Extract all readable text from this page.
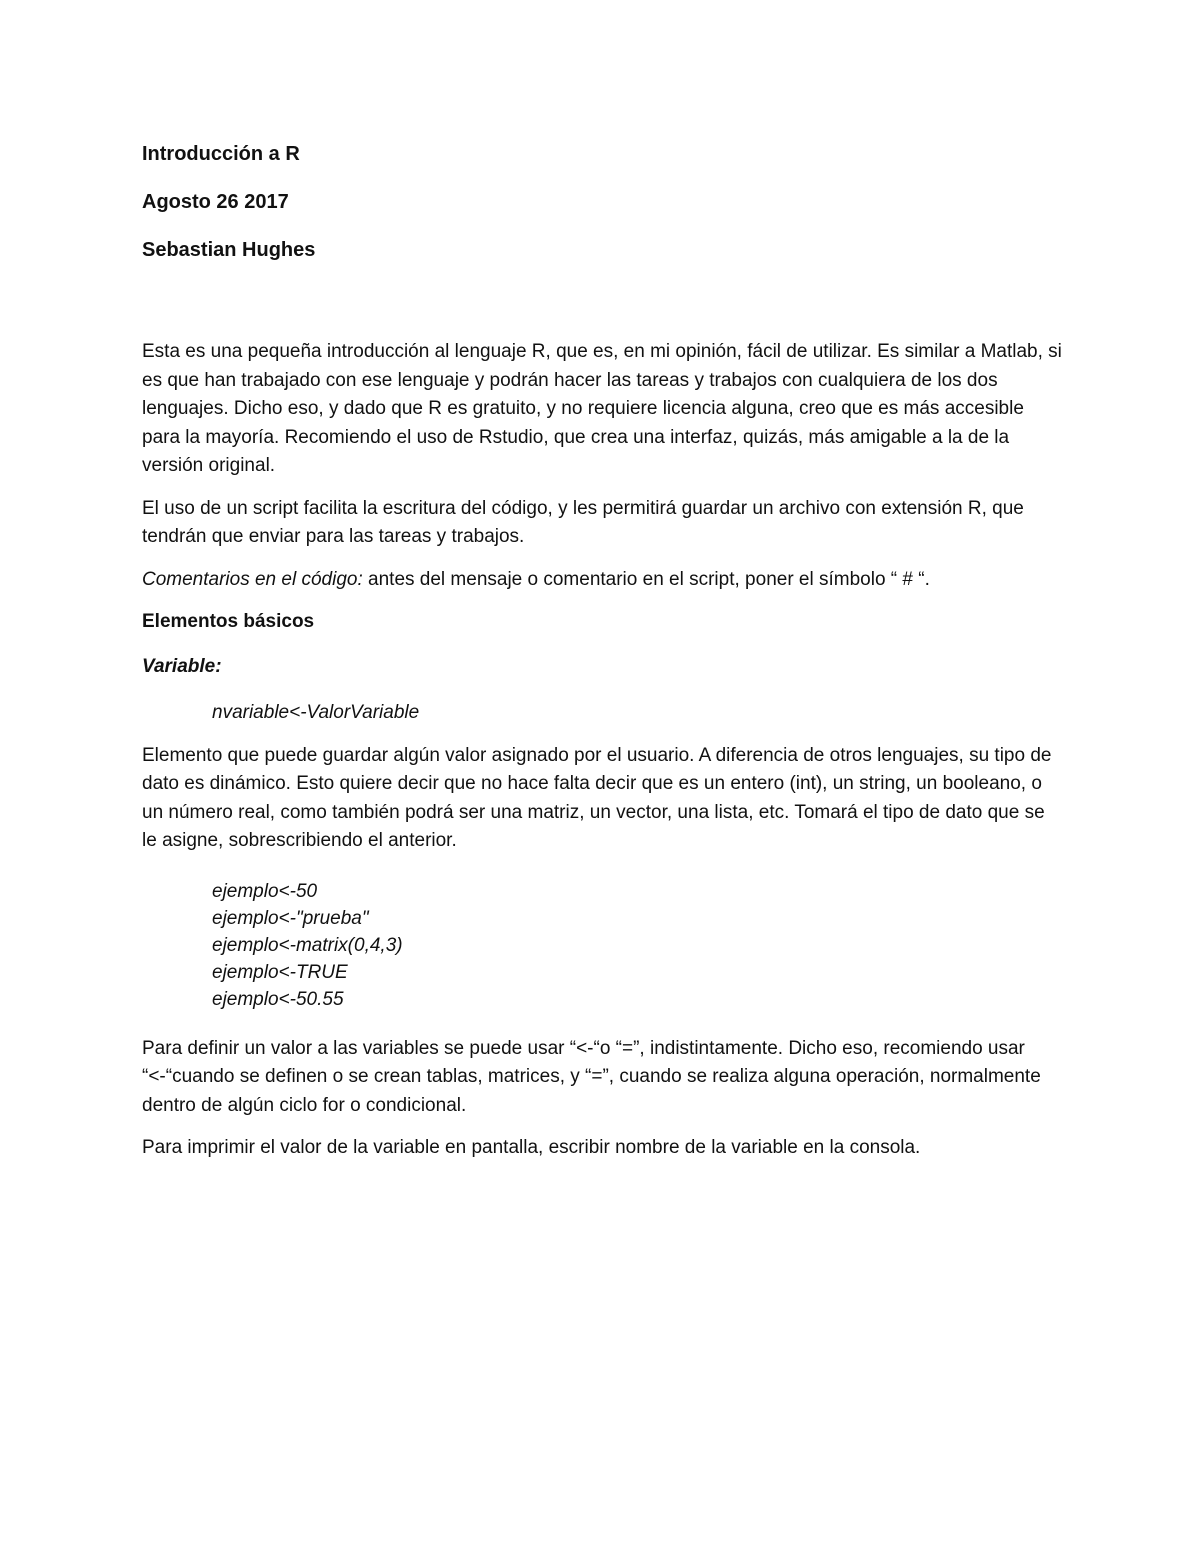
Introducción a R
Agosto 26 2017
Sebastian Hughes

Esta es una pequeña introducción al lenguaje R, que es, en mi opinión, fácil de utilizar. Es similar a Matlab, si es que han trabajado con ese lenguaje y podrán hacer las tareas y trabajos con cualquiera de los dos lenguajes. Dicho eso, y dado que R es gratuito, y no requiere licencia alguna, creo que es más accesible para la mayoría. Recomiendo el uso de Rstudio, que crea una interfaz, quizás, más amigable a la de la versión original.

El uso de un script facilita la escritura del código, y les permitirá guardar un archivo con extensión R, que tendrán que enviar para las tareas y trabajos.

Comentarios en el código: antes del mensaje o comentario en el script, poner el símbolo “ # “.

Elementos básicos

Variable:

nvariable<-ValorVariable

Elemento que puede guardar algún valor asignado por el usuario. A diferencia de otros lenguajes, su tipo de dato es dinámico. Esto quiere decir que no hace falta decir que es un entero (int), un string, un booleano, o un número real, como también podrá ser una matriz, un vector, una lista, etc. Tomará el tipo de dato que se le asigne, sobrescribiendo el anterior.

ejemplo<-50
ejemplo<-"prueba"
ejemplo<-matrix(0,4,3)
ejemplo<-TRUE
ejemplo<-50.55

Para definir un valor a las variables se puede usar “<-“o “=”, indistintamente. Dicho eso, recomiendo usar “<-“cuando se definen o se crean tablas, matrices, y “=”, cuando se realiza alguna operación, normalmente dentro de algún ciclo for o condicional.

Para imprimir el valor de la variable en pantalla, escribir nombre de la variable en la consola.
